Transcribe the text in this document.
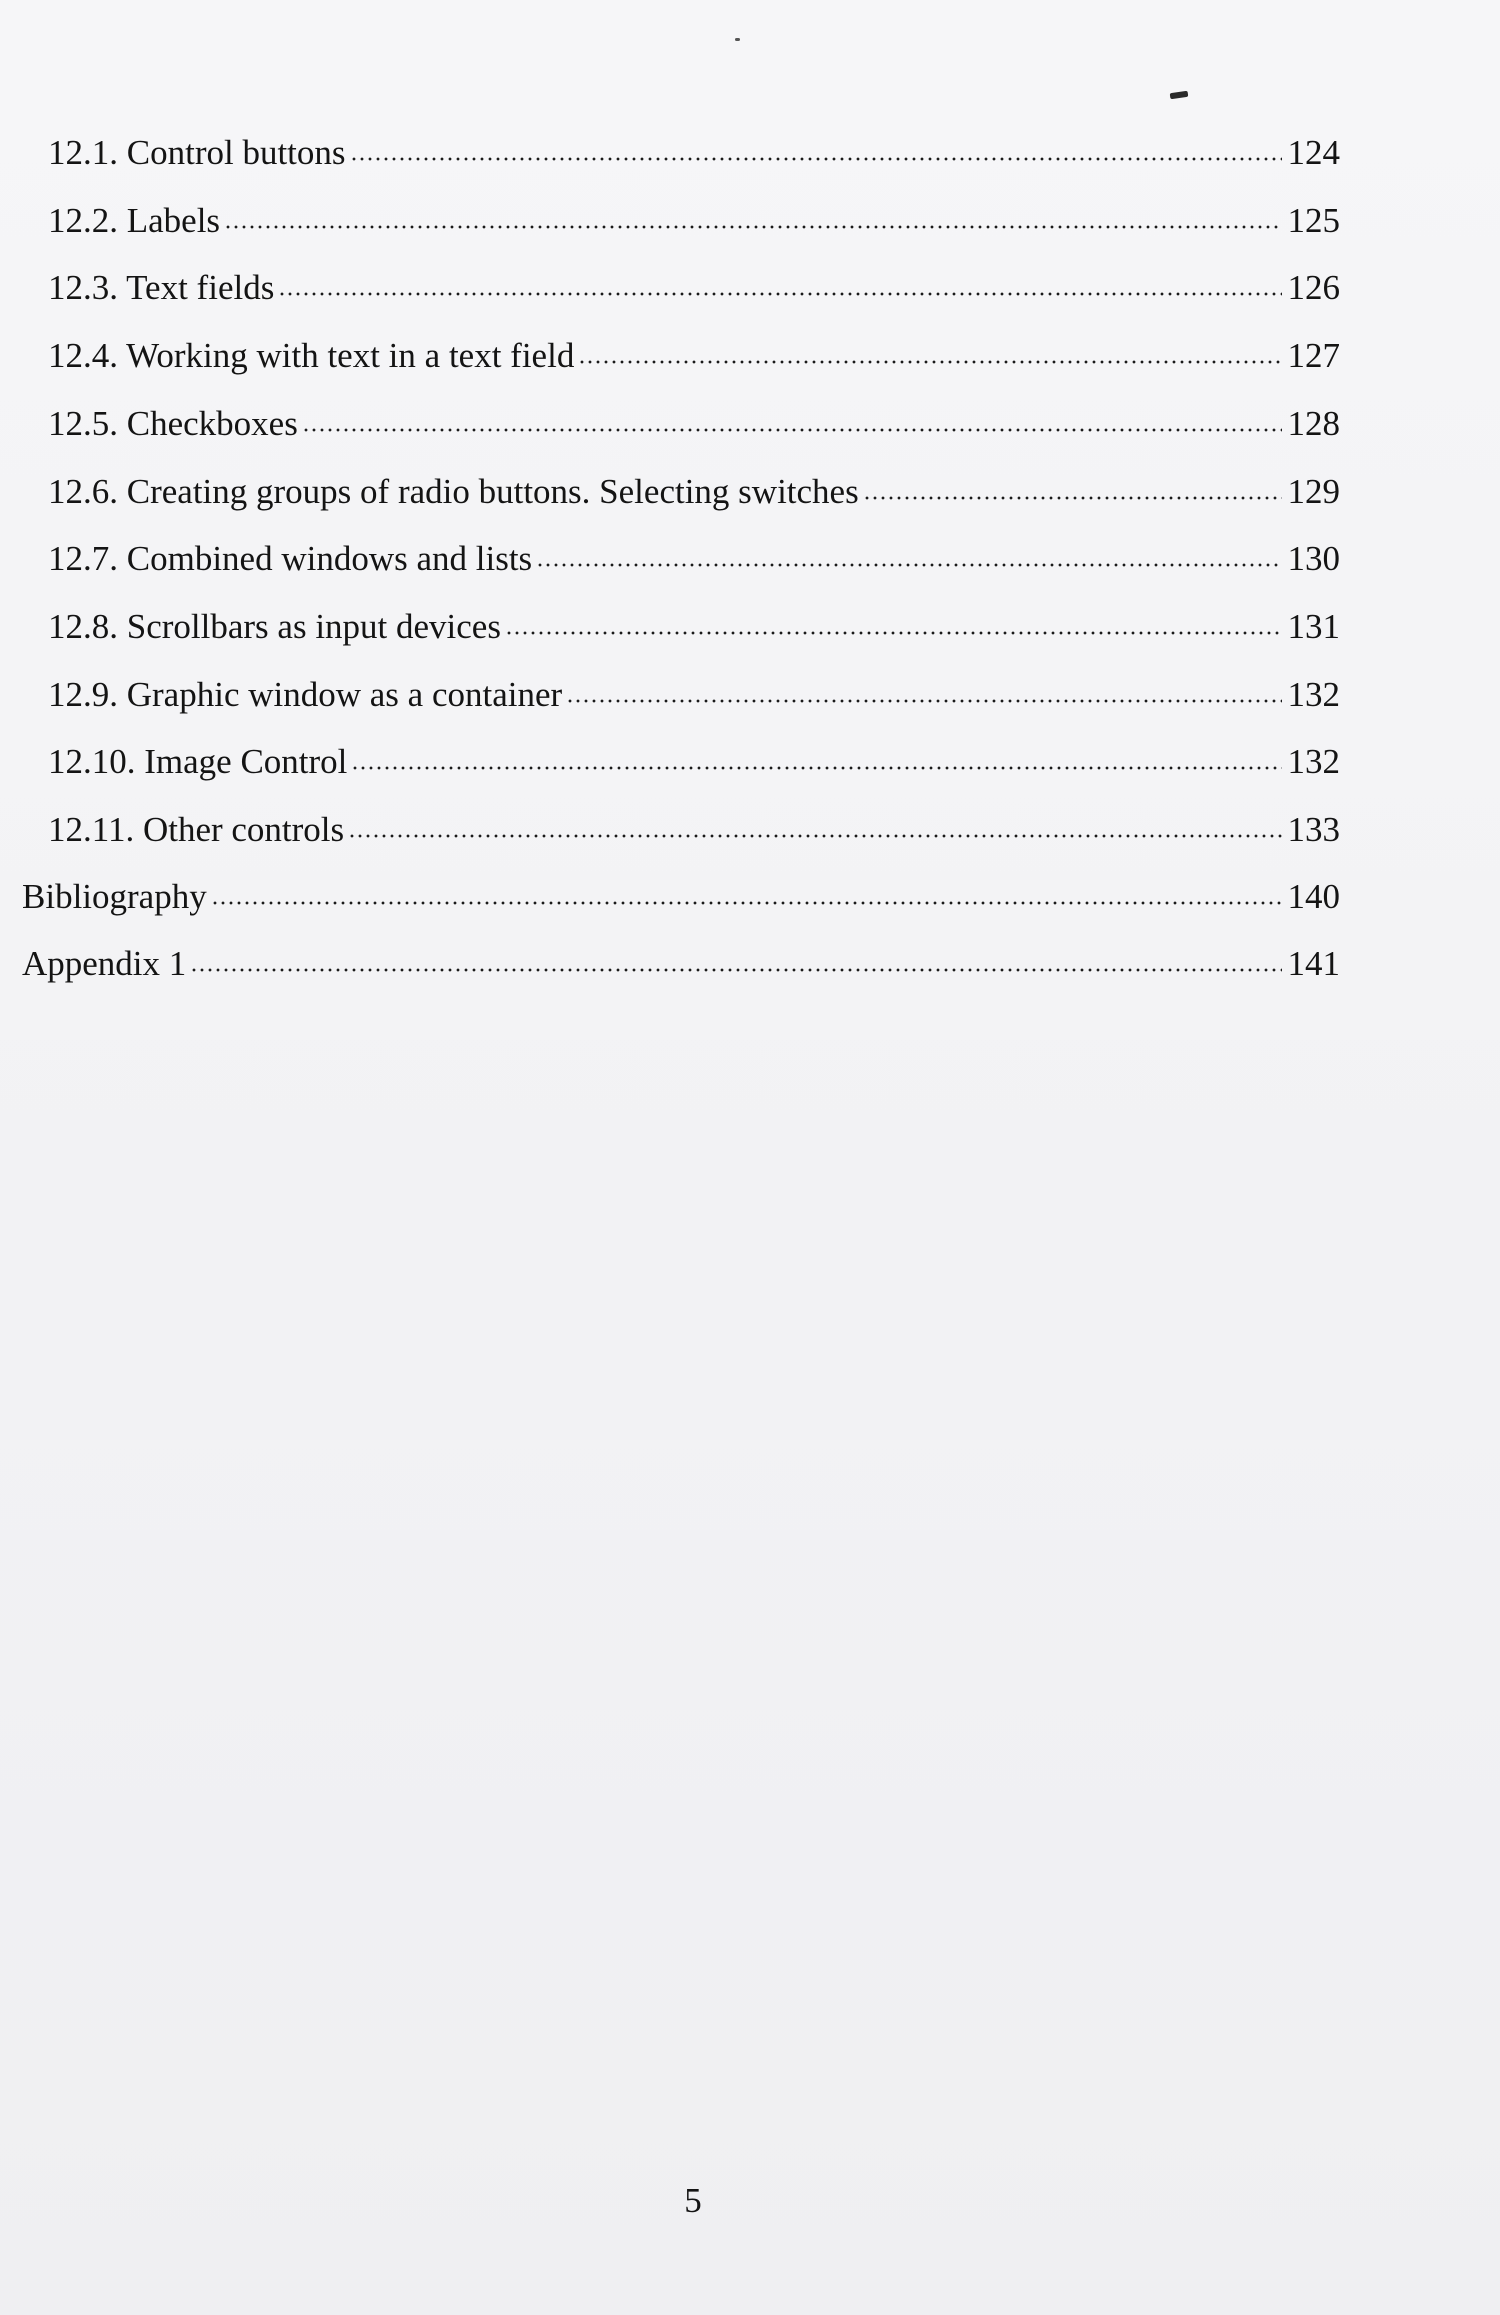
12.1. Control buttons	124
12.2. Labels	125
12.3. Text fields	126
12.4. Working with text in a text field	127
12.5. Checkboxes	128
12.6. Creating groups of radio buttons. Selecting switches	129
12.7. Combined windows and lists	130
12.8. Scrollbars as input devices	131
12.9. Graphic window as a container	132
12.10. Image Control	132
12.11. Other controls	133
Bibliography	140
Appendix 1	141
5
